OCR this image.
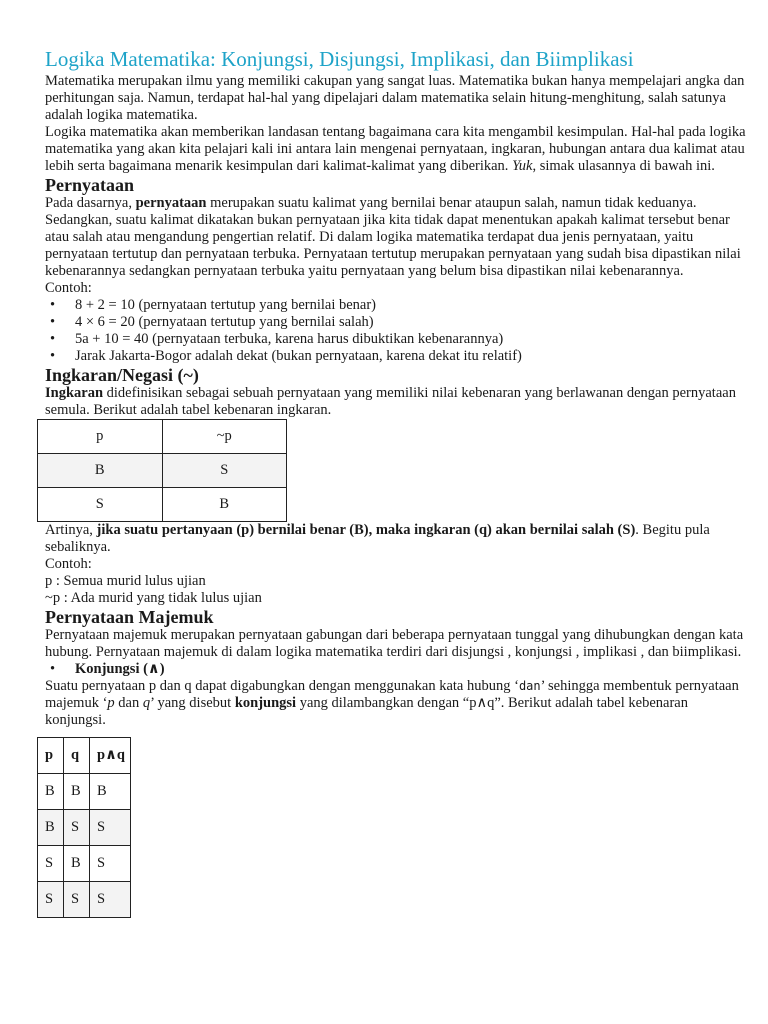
Logika Matematika: Konjungsi, Disjungsi, Implikasi, dan Biimplikasi

Matematika merupakan ilmu yang memiliki cakupan yang sangat luas. Matematika bukan hanya mempelajari angka dan perhitungan saja. Namun, terdapat hal-hal yang dipelajari dalam matematika selain hitung-menghitung, salah satunya adalah logika matematika.

Logika matematika akan memberikan landasan tentang bagaimana cara kita mengambil kesimpulan. Hal-hal pada logika matematika yang akan kita pelajari kali ini antara lain mengenai pernyataan, ingkaran, hubungan antara dua kalimat atau lebih serta bagaimana menarik kesimpulan dari kalimat-kalimat yang diberikan. Yuk, simak ulasannya di bawah ini.

Pernyataan

Pada dasarnya, pernyataan merupakan suatu kalimat yang bernilai benar ataupun salah, namun tidak keduanya. Sedangkan, suatu kalimat dikatakan bukan pernyataan jika kita tidak dapat menentukan apakah kalimat tersebut benar atau salah atau mengandung pengertian relatif. Di dalam logika matematika terdapat dua jenis pernyataan, yaitu pernyataan tertutup dan pernyataan terbuka. Pernyataan tertutup merupakan pernyataan yang sudah bisa dipastikan nilai kebenarannya sedangkan pernyataan terbuka yaitu pernyataan yang belum bisa dipastikan nilai kebenarannya.

Contoh:

• 8 + 2 = 10 (pernyataan tertutup yang bernilai benar)
• 4 × 6 = 20 (pernyataan tertutup yang bernilai salah)
• 5a + 10 = 40 (pernyataan terbuka, karena harus dibuktikan kebenarannya)
• Jarak Jakarta-Bogor adalah dekat (bukan pernyataan, karena dekat itu relatif)
Ingkaran/Negasi (~)

Ingkaran didefinisikan sebagai sebuah pernyataan yang memiliki nilai kebenaran yang berlawanan dengan pernyataan semula. Berikut adalah tabel kebenaran ingkaran.

p	~p
B	S
S	B

Artinya, jika suatu pertanyaan (p) bernilai benar (B), maka ingkaran (q) akan bernilai salah (S). Begitu pula sebaliknya.

Contoh:

p : Semua murid lulus ujian

~p : Ada murid yang tidak lulus ujian

Pernyataan Majemuk

Pernyataan majemuk merupakan pernyataan gabungan dari beberapa pernyataan tunggal yang dihubungkan dengan kata hubung. Pernyataan majemuk di dalam logika matematika terdiri dari disjungsi , konjungsi , implikasi , dan biimplikasi.

• Konjungsi (∧)

Suatu pernyataan p dan q dapat digabungkan dengan menggunakan kata hubung ‘dan’ sehingga membentuk pernyataan majemuk ‘p dan q’ yang disebut konjungsi yang dilambangkan dengan “p∧q”. Berikut adalah tabel kebenaran konjungsi.

p	q	p∧q
B	B	B
B	S	S
S	B	S
S	S	S
